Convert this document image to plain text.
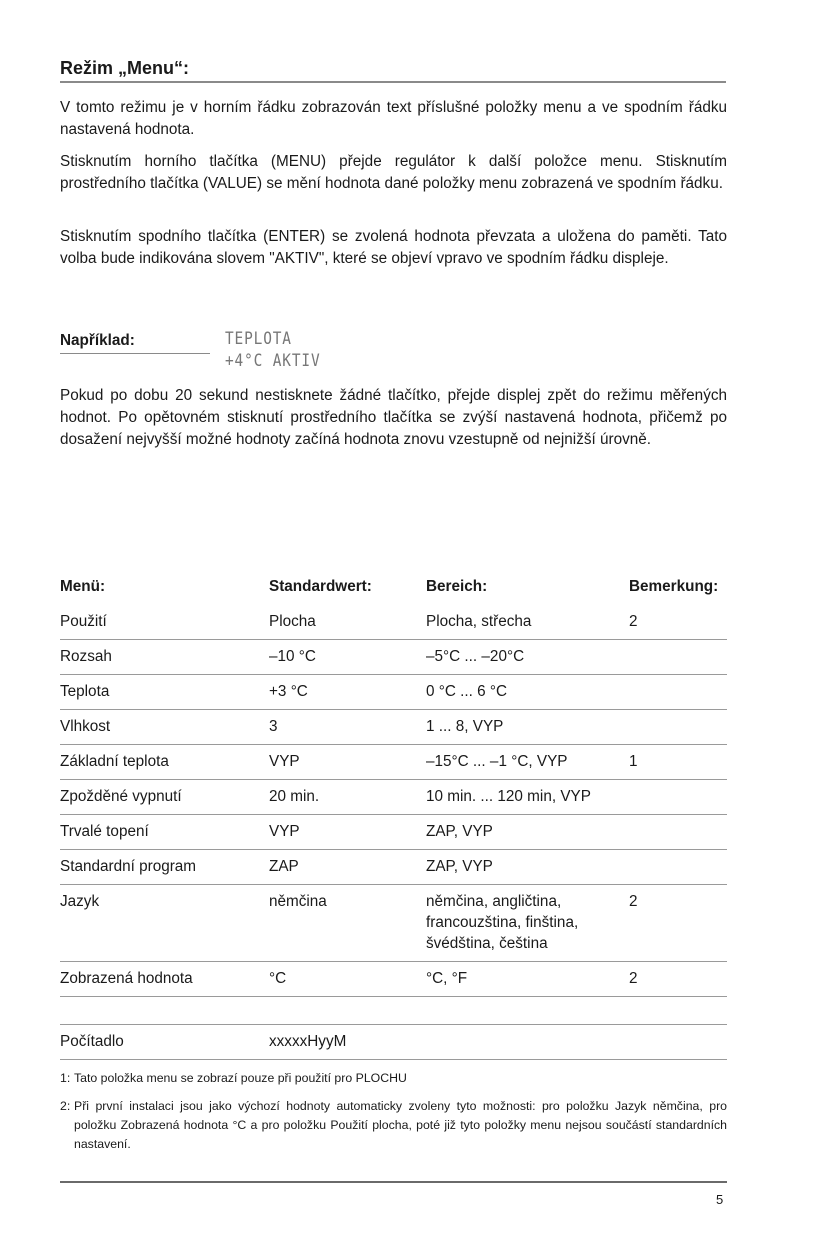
Režim „Menu“:

V tomto režimu je v horním řádku zobrazován text příslušné položky menu a ve spodním řádku nastavená hodnota.

Stisknutím horního tlačítka (MENU) přejde regulátor k další položce menu. Stisknutím prostředního tlačítka (VALUE) se mění hodnota dané položky menu zobrazená ve spodním řádku.

Stisknutím spodního tlačítka (ENTER) se zvolená hodnota převzata a uložena do paměti. Tato volba bude indikována slovem "AKTIV", které se objeví vpravo ve spodním řádku displeje.

Například:	TEPLOTA
+4°C AKTIV

Pokud po dobu 20 sekund nestisknete žádné tlačítko, přejde displej zpět do režimu měřených hodnot. Po opětovném stisknutí prostředního tlačítka se zvýší nastavená hodnota, přičemž po dosažení nejvyšší možné hodnoty začíná hodnota znovu vzestupně od nejnižší úrovně.

Menü:	Standardwert:	Bereich:	Bemerkung:
Použití	Plocha	Plocha, střecha	2
Rozsah	–10 °C	–5°C ... –20°C	
Teplota	+3 °C	0 °C ... 6 °C	
Vlhkost	3	1 ... 8, VYP	
Základní teplota	VYP	–15°C ... –1 °C, VYP	1
Zpožděné vypnutí	20 min.	10 min. ... 120 min, VYP	
Trvalé topení	VYP	ZAP, VYP	
Standardní program	ZAP	ZAP, VYP	
Jazyk	němčina	němčina, angličtina, francouzština, finština, švédština, čeština	2
Zobrazená hodnota	°C	°C, °F	2

Počítadlo	xxxxxHyyM		
1: Tato položka menu se zobrazí pouze při použití pro PLOCHU
2: Při první instalaci jsou jako výchozí hodnoty automaticky zvoleny tyto možnosti: pro položku Jazyk němčina, pro položku Zobrazená hodnota °C a pro položku Použití plocha, poté již tyto položky menu nejsou součástí standardních nastavení.
5
